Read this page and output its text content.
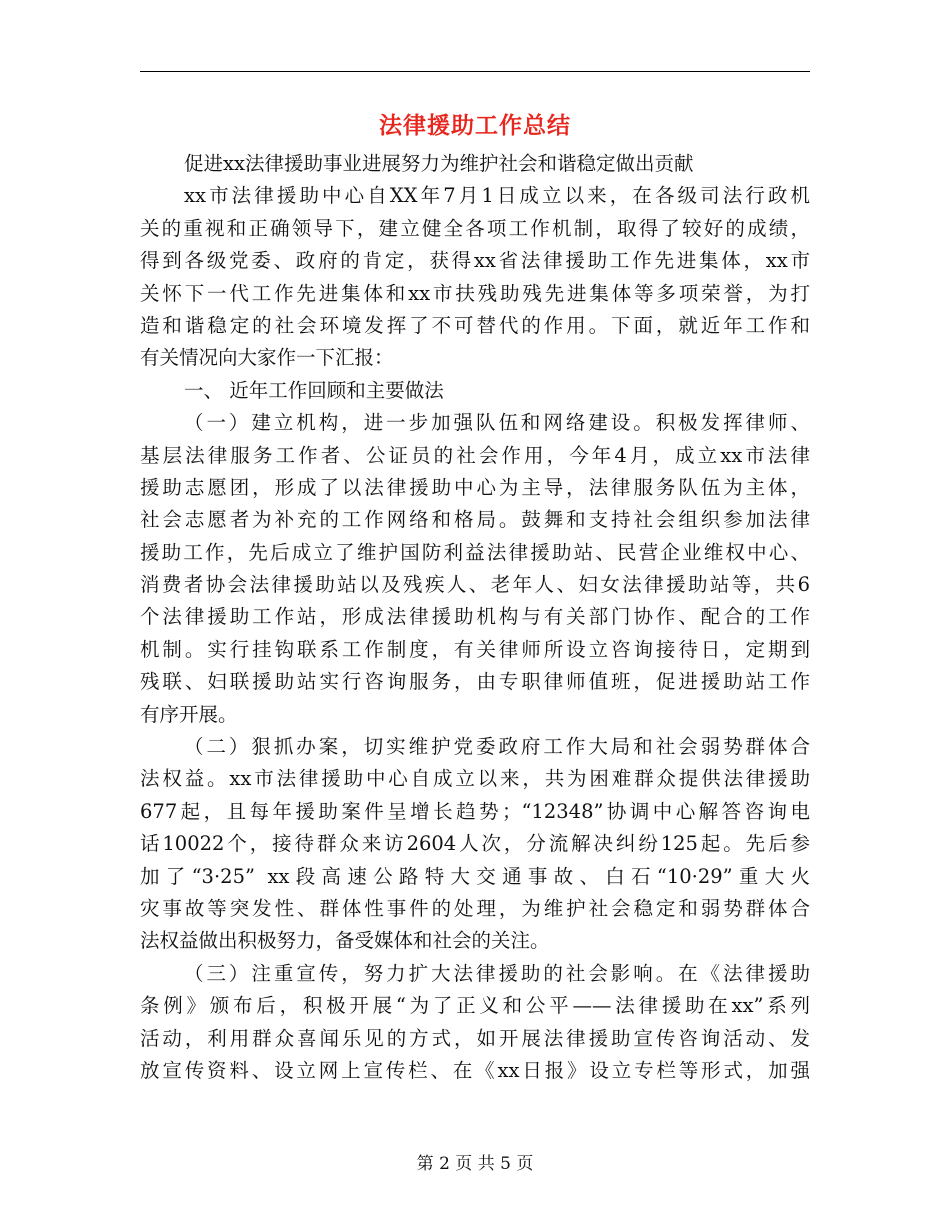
法律援助工作总结
促进xx法律援助事业进展努力为维护社会和谐稳定做出贡献
xx市法律援助中心自XX年7月1日成立以来，在各级司法行政机
关的重视和正确领导下，建立健全各项工作机制，取得了较好的成绩，
得到各级党委、政府的肯定，获得xx省法律援助工作先进集体，xx市
关怀下一代工作先进集体和xx市扶残助残先进集体等多项荣誉，为打
造和谐稳定的社会环境发挥了不可替代的作用。下面，就近年工作和
有关情况向大家作一下汇报：
一、 近年工作回顾和主要做法
（一）建立机构，进一步加强队伍和网络建设。积极发挥律师、
基层法律服务工作者、公证员的社会作用，今年4月，成立xx市法律
援助志愿团，形成了以法律援助中心为主导，法律服务队伍为主体，
社会志愿者为补充的工作网络和格局。鼓舞和支持社会组织参加法律
援助工作，先后成立了维护国防利益法律援助站、民营企业维权中心、
消费者协会法律援助站以及残疾人、老年人、妇女法律援助站等，共6
个法律援助工作站，形成法律援助机构与有关部门协作、配合的工作
机制。实行挂钩联系工作制度，有关律师所设立咨询接待日，定期到
残联、妇联援助站实行咨询服务，由专职律师值班，促进援助站工作
有序开展。
（二）狠抓办案，切实维护党委政府工作大局和社会弱势群体合
法权益。xx市法律援助中心自成立以来，共为困难群众提供法律援助
677起，且每年援助案件呈增长趋势；“12348”协调中心解答咨询电
话10022个，接待群众来访2604人次，分流解决纠纷125起。先后参
加了“3·25” xx段高速公路特大交通事故、白石“10·29”重大火
灾事故等突发性、群体性事件的处理，为维护社会稳定和弱势群体合
法权益做出积极努力，备受媒体和社会的关注。
（三）注重宣传，努力扩大法律援助的社会影响。在《法律援助
条例》颁布后，积极开展“为了正义和公平——法律援助在xx”系列
活动，利用群众喜闻乐见的方式，如开展法律援助宣传咨询活动、发
放宣传资料、设立网上宣传栏、在《xx日报》设立专栏等形式，加强
第 2 页 共 5 页
